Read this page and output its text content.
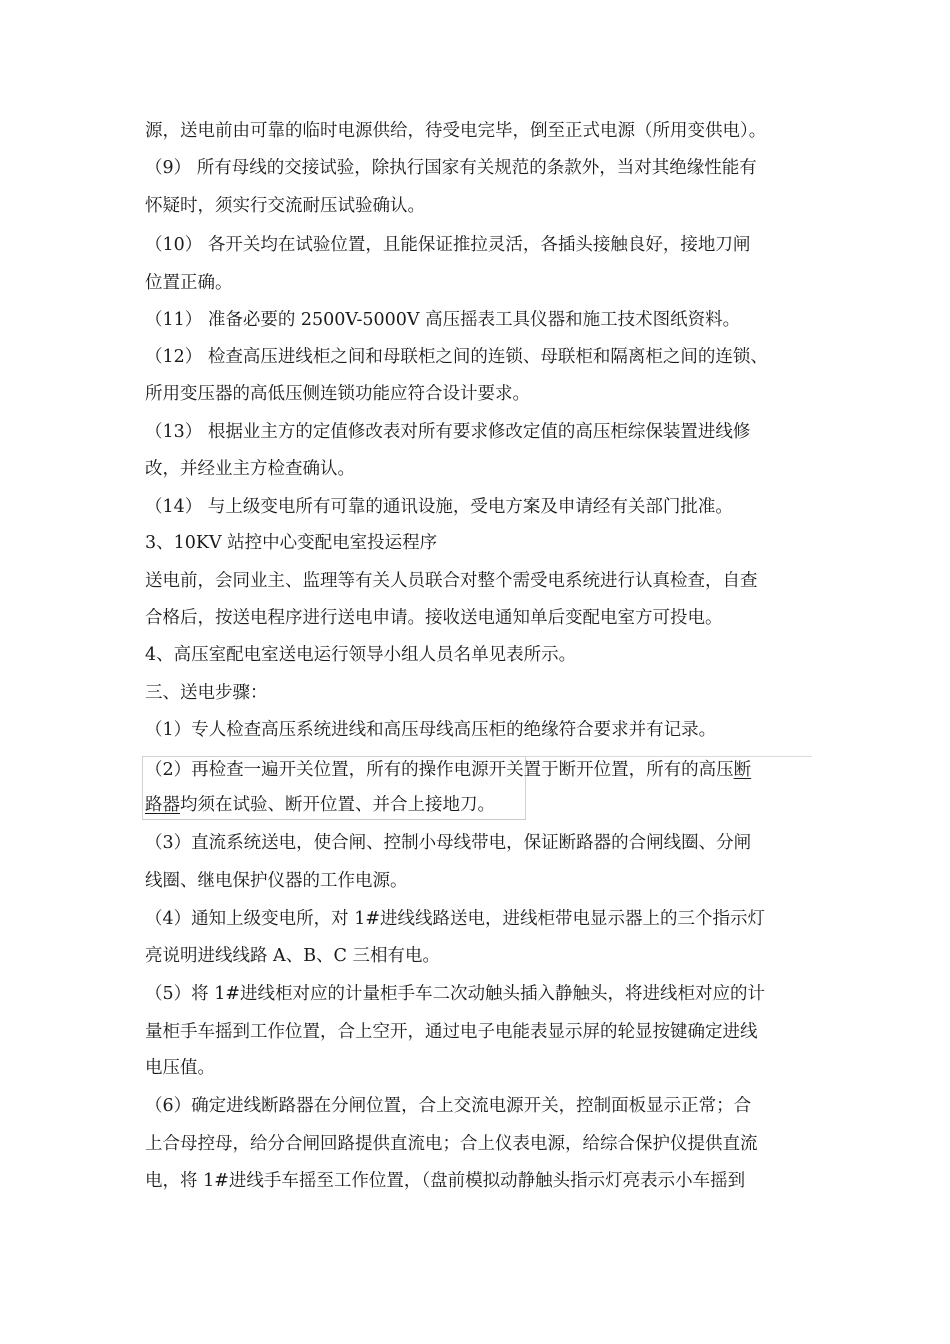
源，送电前由可靠的临时电源供给，待受电完毕，倒至正式电源（所用变供电）。
（9） 所有母线的交接试验，除执行国家有关规范的条款外，当对其绝缘性能有
怀疑时，须实行交流耐压试验确认。
（10） 各开关均在试验位置，且能保证推拉灵活，各插头接触良好，接地刀闸
位置正确。
（11） 准备必要的 2500V-5000V 高压摇表工具仪器和施工技术图纸资料。
（12） 检查高压进线柜之间和母联柜之间的连锁、母联柜和隔离柜之间的连锁、
所用变压器的高低压侧连锁功能应符合设计要求。
（13） 根据业主方的定值修改表对所有要求修改定值的高压柜综保装置进线修
改，并经业主方检查确认。
（14） 与上级变电所有可靠的通讯设施，受电方案及申请经有关部门批准。
3、10KV 站控中心变配电室投运程序
送电前，会同业主、监理等有关人员联合对整个需受电系统进行认真检查，自查
合格后，按送电程序进行送电申请。接收送电通知单后变配电室方可投电。
4、高压室配电室送电运行领导小组人员名单见表所示。
三、送电步骤：
（1）专人检查高压系统进线和高压母线高压柜的绝缘符合要求并有记录。
（2）再检查一遍开关位置，所有的操作电源开关置于断开位置，所有的高压断
路器均须在试验、断开位置、并合上接地刀。
（3）直流系统送电，使合闸、控制小母线带电，保证断路器的合闸线圈、分闸
线圈、继电保护仪器的工作电源。
（4）通知上级变电所，对 1#进线线路送电，进线柜带电显示器上的三个指示灯
亮说明进线线路 A、B、C 三相有电。
（5）将 1#进线柜对应的计量柜手车二次动触头插入静触头，将进线柜对应的计
量柜手车摇到工作位置，合上空开，通过电子电能表显示屏的轮显按键确定进线
电压值。
（6）确定进线断路器在分闸位置，合上交流电源开关，控制面板显示正常；合
上合母控母，给分合闸回路提供直流电；合上仪表电源，给综合保护仪提供直流
电，将 1#进线手车摇至工作位置，（盘前模拟动静触头指示灯亮表示小车摇到
